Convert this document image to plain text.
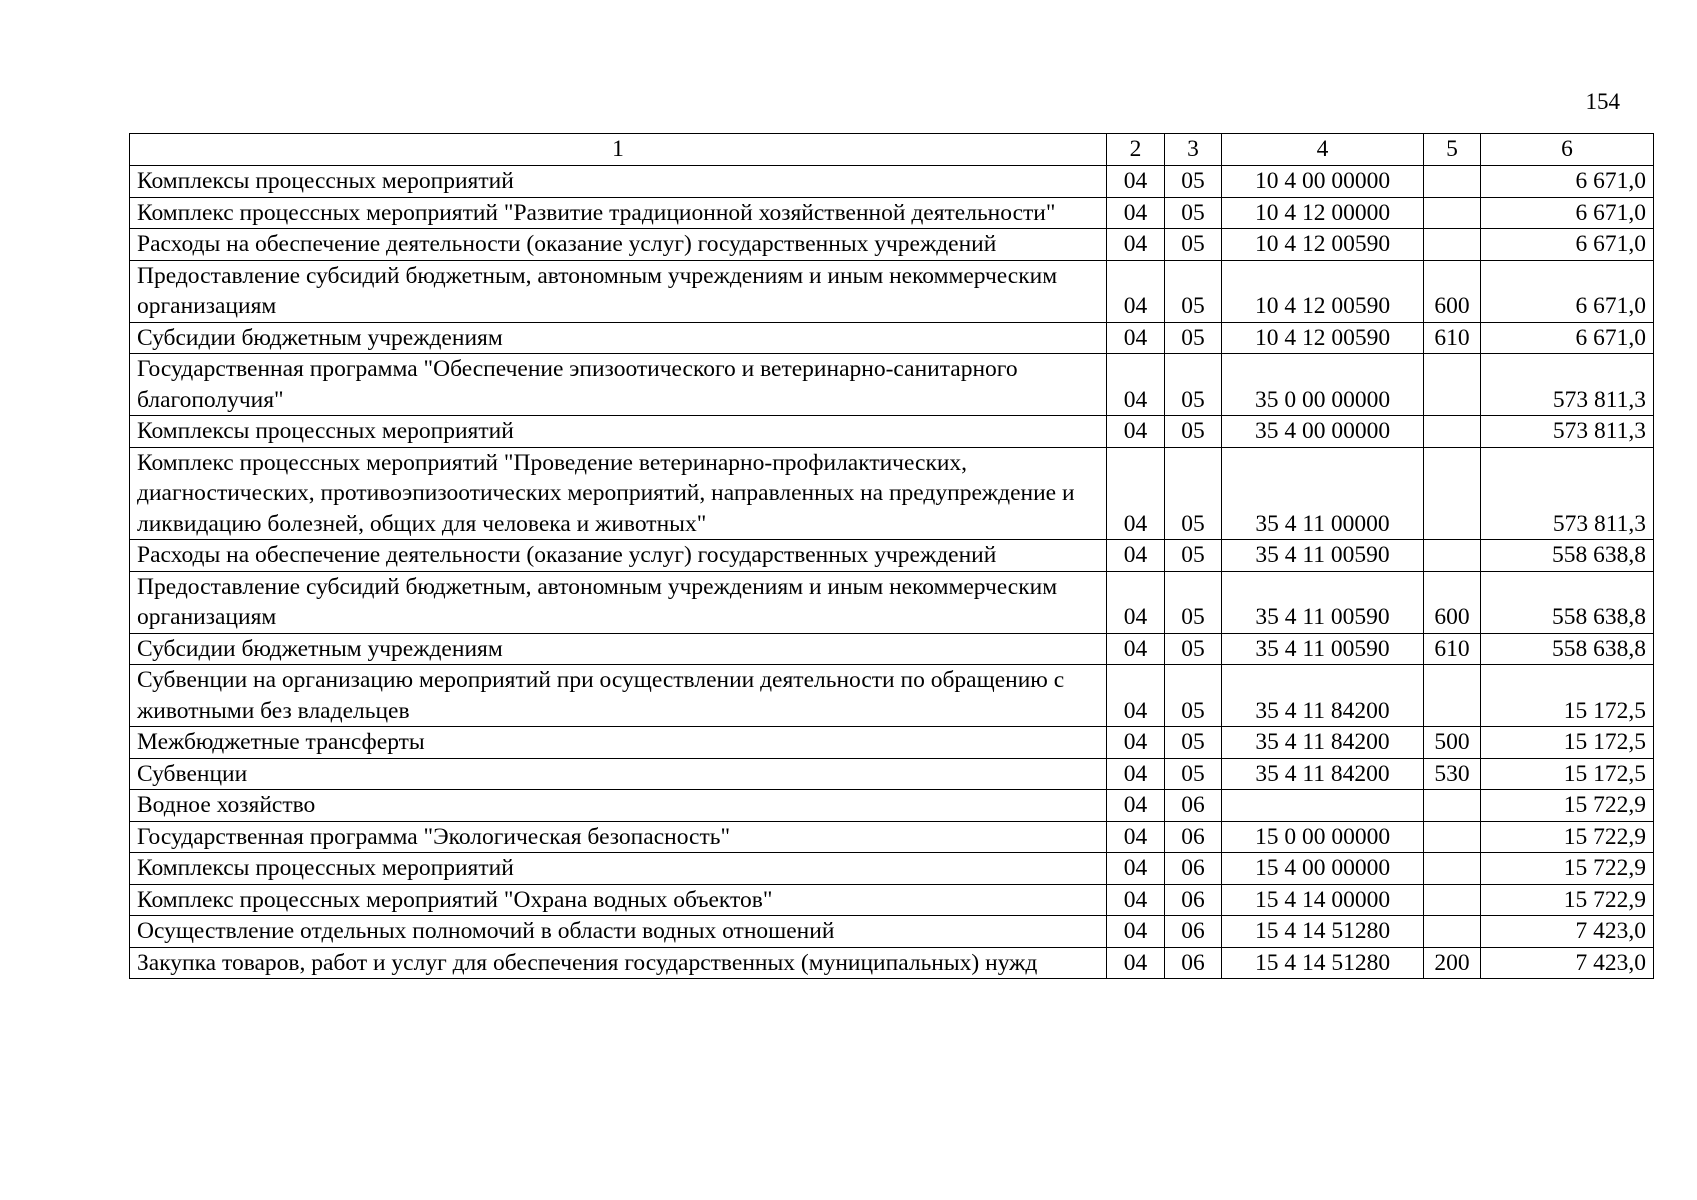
154
1	2	3	4	5	6
Комплексы процессных мероприятий	04	05	10 4 00 00000		6 671,0
Комплекс процессных мероприятий "Развитие традиционной хозяйственной деятельности"	04	05	10 4 12 00000		6 671,0
Расходы на обеспечение деятельности (оказание услуг) государственных учреждений	04	05	10 4 12 00590		6 671,0
Предоставление субсидий бюджетным, автономным учреждениям и иным некоммерческим организациям	04	05	10 4 12 00590	600	6 671,0
Субсидии бюджетным учреждениям	04	05	10 4 12 00590	610	6 671,0
Государственная программа "Обеспечение эпизоотического и ветеринарно-санитарного благополучия"	04	05	35 0 00 00000		573 811,3
Комплексы процессных мероприятий	04	05	35 4 00 00000		573 811,3
Комплекс процессных мероприятий "Проведение ветеринарно-профилактических, диагностических, противоэпизоотических мероприятий, направленных на предупреждение и ликвидацию болезней, общих для человека и животных"	04	05	35 4 11 00000		573 811,3
Расходы на обеспечение деятельности (оказание услуг) государственных учреждений	04	05	35 4 11 00590		558 638,8
Предоставление субсидий бюджетным, автономным учреждениям и иным некоммерческим организациям	04	05	35 4 11 00590	600	558 638,8
Субсидии бюджетным учреждениям	04	05	35 4 11 00590	610	558 638,8
Субвенции на организацию мероприятий при осуществлении деятельности по обращению с животными без владельцев	04	05	35 4 11 84200		15 172,5
Межбюджетные трансферты	04	05	35 4 11 84200	500	15 172,5
Субвенции	04	05	35 4 11 84200	530	15 172,5
Водное хозяйство	04	06			15 722,9
Государственная программа "Экологическая безопасность"	04	06	15 0 00 00000		15 722,9
Комплексы процессных мероприятий	04	06	15 4 00 00000		15 722,9
Комплекс процессных мероприятий "Охрана водных объектов"	04	06	15 4 14 00000		15 722,9
Осуществление отдельных полномочий в области водных отношений	04	06	15 4 14 51280		7 423,0
Закупка товаров, работ и услуг для обеспечения государственных (муниципальных) нужд	04	06	15 4 14 51280	200	7 423,0
